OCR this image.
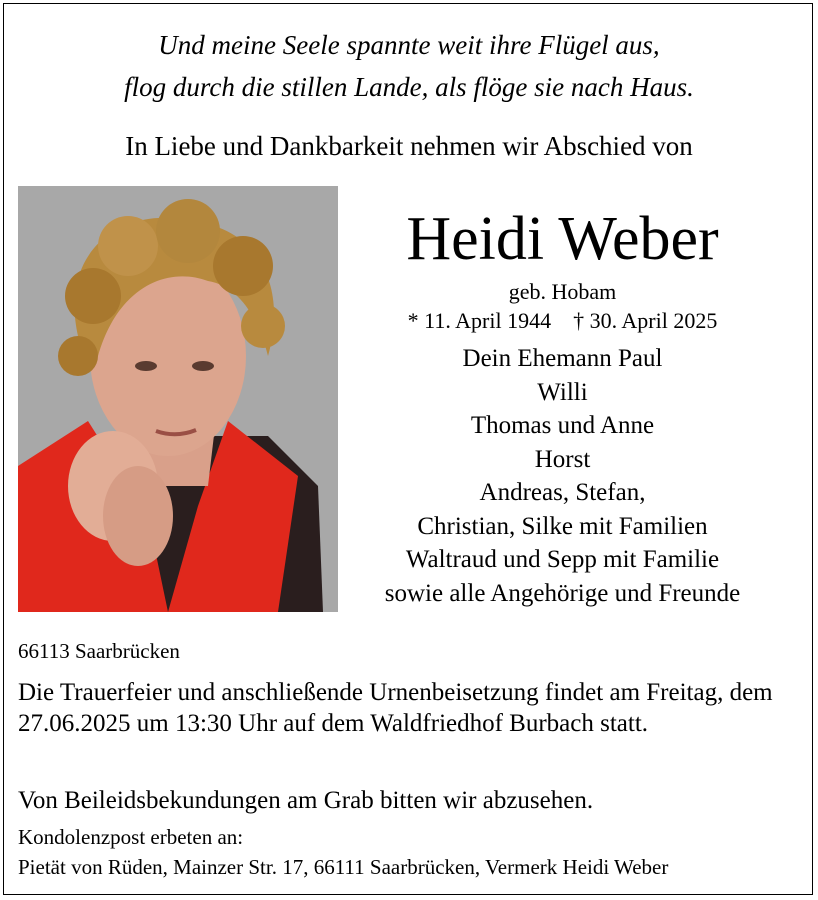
Und meine Seele spannte weit ihre Flügel aus,
flog durch die stillen Lande, als flöge sie nach Haus.
In Liebe und Dankbarkeit nehmen wir Abschied von
Heidi Weber
geb. Hobam
* 11. April 1944 † 30. April 2025
Dein Ehemann Paul
Willi
Thomas und Anne
Horst
Andreas, Stefan,
Christian, Silke mit Familien
Waltraud und Sepp mit Familie
sowie alle Angehörige und Freunde
66113 Saarbrücken
Die Trauerfeier und anschließende Urnenbeisetzung findet am Freitag, dem 27.06.2025 um 13:30 Uhr auf dem Waldfriedhof Burbach statt.
Von Beileidsbekundungen am Grab bitten wir abzusehen.
Kondolenzpost erbeten an:
Pietät von Rüden, Mainzer Str. 17, 66111 Saarbrücken, Vermerk Heidi Weber
